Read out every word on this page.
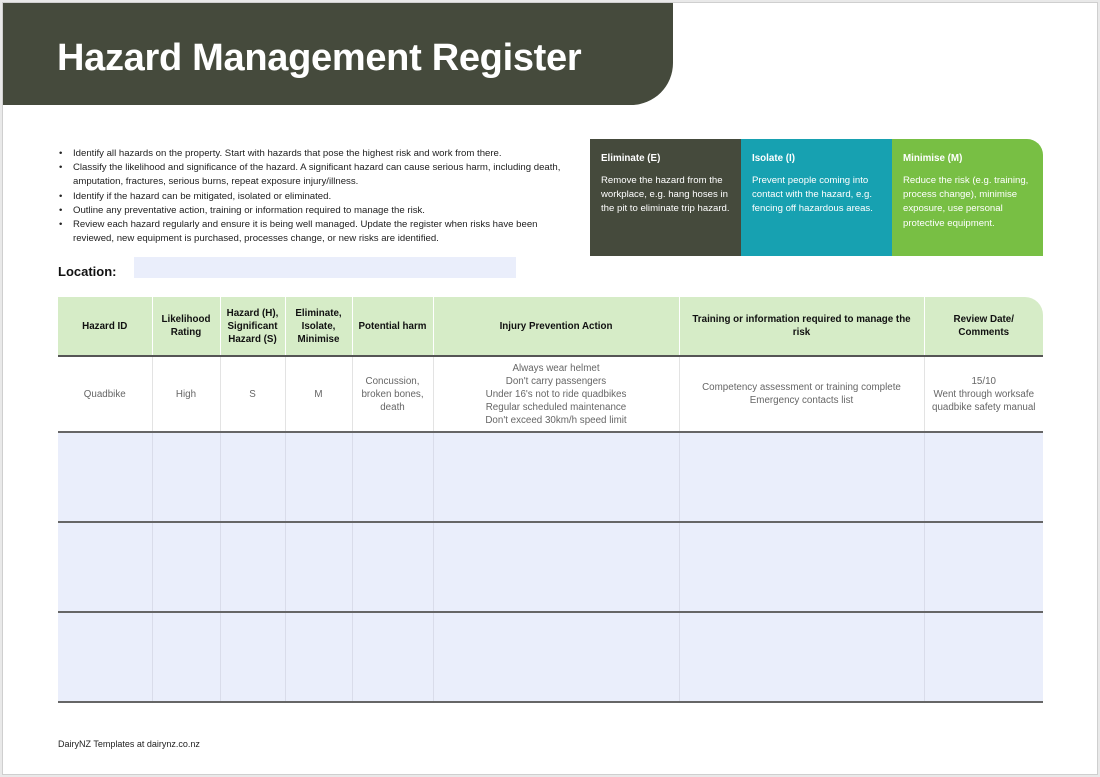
Hazard Management Register
• Identify all hazards on the property. Start with hazards that pose the highest risk and work from there.
• Classify the likelihood and significance of the hazard. A significant hazard can cause serious harm, including death, amputation, fractures, serious burns, repeat exposure injury/illness.
• Identify if the hazard can be mitigated, isolated or eliminated.
• Outline any preventative action, training or information required to manage the risk.
• Review each hazard regularly and ensure it is being well managed. Update the register when risks have been reviewed, new equipment is purchased, processes change, or new risks are identified.
Eliminate (E)
Remove the hazard from the workplace, e.g. hang hoses in the pit to eliminate trip hazard.
Isolate (I)
Prevent people coming into contact with the hazard, e.g. fencing off hazardous areas.
Minimise (M)
Reduce the risk (e.g. training, process change), minimise exposure, use personal protective equipment.
Location:
Hazard ID	Likelihood Rating	Hazard (H), Significant Hazard (S)	Eliminate, Isolate, Minimise	Potential harm	Injury Prevention Action	Training or information required to manage the risk	Review Date/ Comments
Quadbike	High	S	M	Concussion, broken bones, death	Always wear helmet
Don't carry passengers
Under 16's not to ride quadbikes
Regular scheduled maintenance
Don't exceed 30km/h speed limit	Competency assessment or training complete
Emergency contacts list	15/10
Went through worksafe
quadbike safety manual

DairyNZ Templates at dairynz.co.nz
